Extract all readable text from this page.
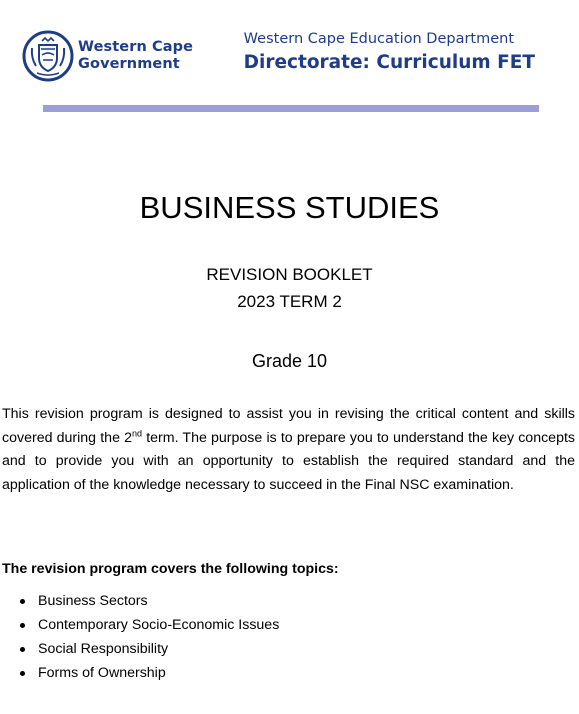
Western Cape
Government
Western Cape Education Department
Directorate: Curriculum FET
BUSINESS STUDIES
REVISION BOOKLET
2023 TERM 2
Grade 10
This revision program is designed to assist you in revising the critical content and skills covered during the 2nd term. The purpose is to prepare you to understand the key concepts and to provide you with an opportunity to establish the required standard and the application of the knowledge necessary to succeed in the Final NSC examination.
The revision program covers the following topics:
Business Sectors
Contemporary Socio-Economic Issues
Social Responsibility
Forms of Ownership
